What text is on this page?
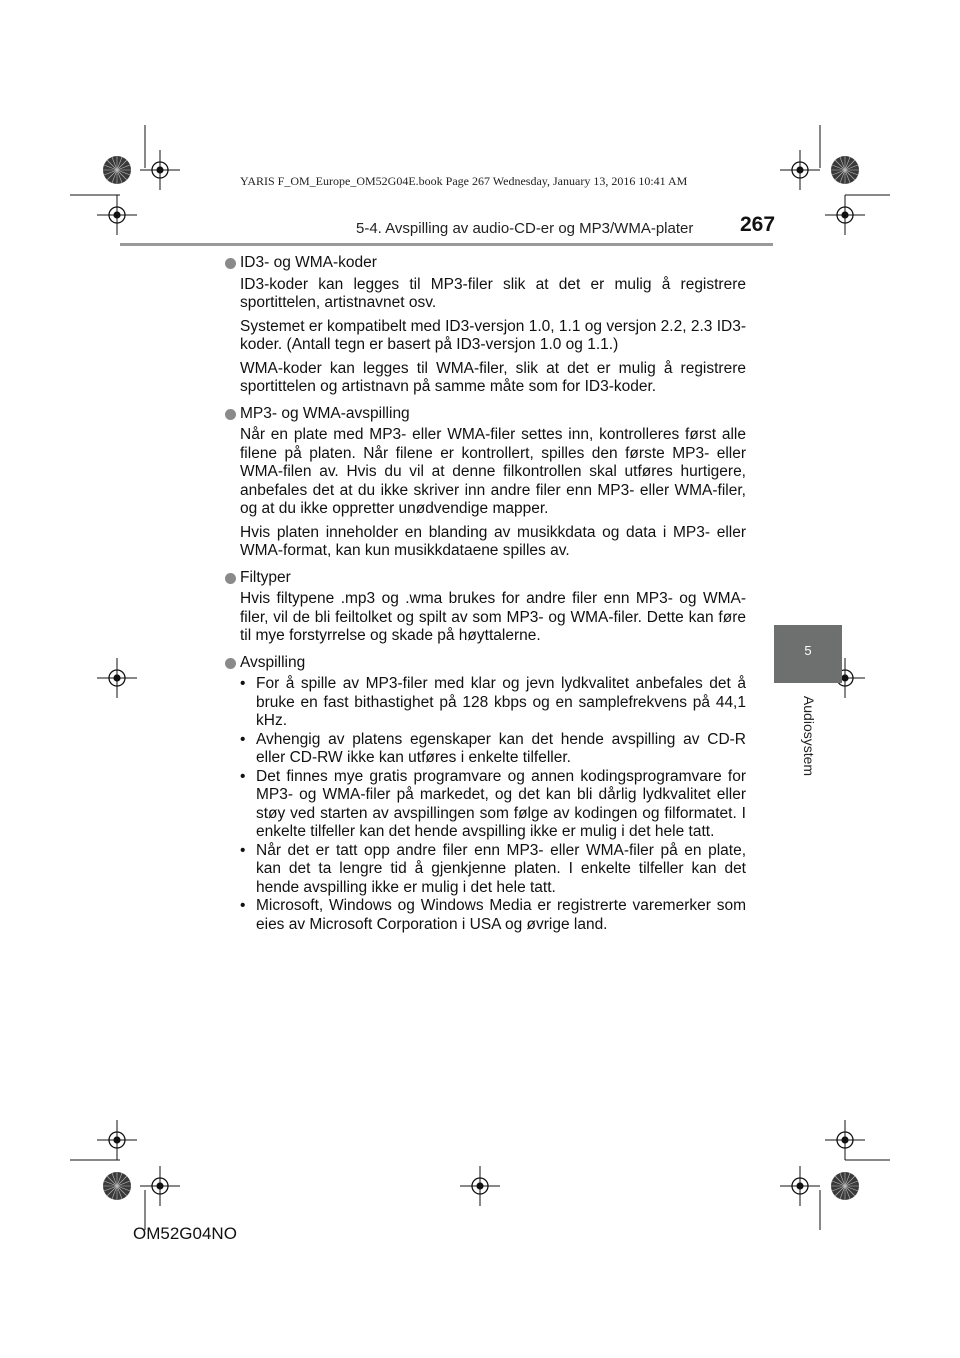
YARIS F_OM_Europe_OM52G04E.book Page 267 Wednesday, January 13, 2016 10:41 AM
5-4. Avspilling av audio-CD-er og MP3/WMA-plater 267
5
Audiosystem
ID3- og WMA-koder

ID3-koder kan legges til MP3-filer slik at det er mulig å registrere sportittelen, artistnavnet osv.

Systemet er kompatibelt med ID3-versjon 1.0, 1.1 og versjon 2.2, 2.3 ID3-koder. (Antall tegn er basert på ID3-versjon 1.0 og 1.1.)

WMA-koder kan legges til WMA-filer, slik at det er mulig å registrere sportittelen og artistnavn på samme måte som for ID3-koder.

MP3- og WMA-avspilling

Når en plate med MP3- eller WMA-filer settes inn, kontrolleres først alle filene på platen. Når filene er kontrollert, spilles den første MP3- eller WMA-filen av. Hvis du vil at denne filkontrollen skal utføres hurtigere, anbefales det at du ikke skriver inn andre filer enn MP3- eller WMA-filer, og at du ikke oppretter unødvendige mapper.

Hvis platen inneholder en blanding av musikkdata og data i MP3- eller WMA-format, kan kun musikkdataene spilles av.

Filtyper

Hvis filtypene .mp3 og .wma brukes for andre filer enn MP3- og WMA-filer, vil de bli feiltolket og spilt av som MP3- og WMA-filer. Dette kan føre til mye forstyrrelse og skade på høyttalerne.

Avspilling
• For å spille av MP3-filer med klar og jevn lydkvalitet anbefales det å bruke en fast bithastighet på 128 kbps og en samplefrekvens på 44,1 kHz.
• Avhengig av platens egenskaper kan det hende avspilling av CD-R eller CD-RW ikke kan utføres i enkelte tilfeller.
• Det finnes mye gratis programvare og annen kodingsprogramvare for MP3- og WMA-filer på markedet, og det kan bli dårlig lydkvalitet eller støy ved starten av avspillingen som følge av kodingen og filformatet. I enkelte tilfeller kan det hende avspilling ikke er mulig i det hele tatt.
• Når det er tatt opp andre filer enn MP3- eller WMA-filer på en plate, kan det ta lengre tid å gjenkjenne platen. I enkelte tilfeller kan det hende avspilling ikke er mulig i det hele tatt.
• Microsoft, Windows og Windows Media er registrerte varemerker som eies av Microsoft Corporation i USA og øvrige land.
OM52G04NO
